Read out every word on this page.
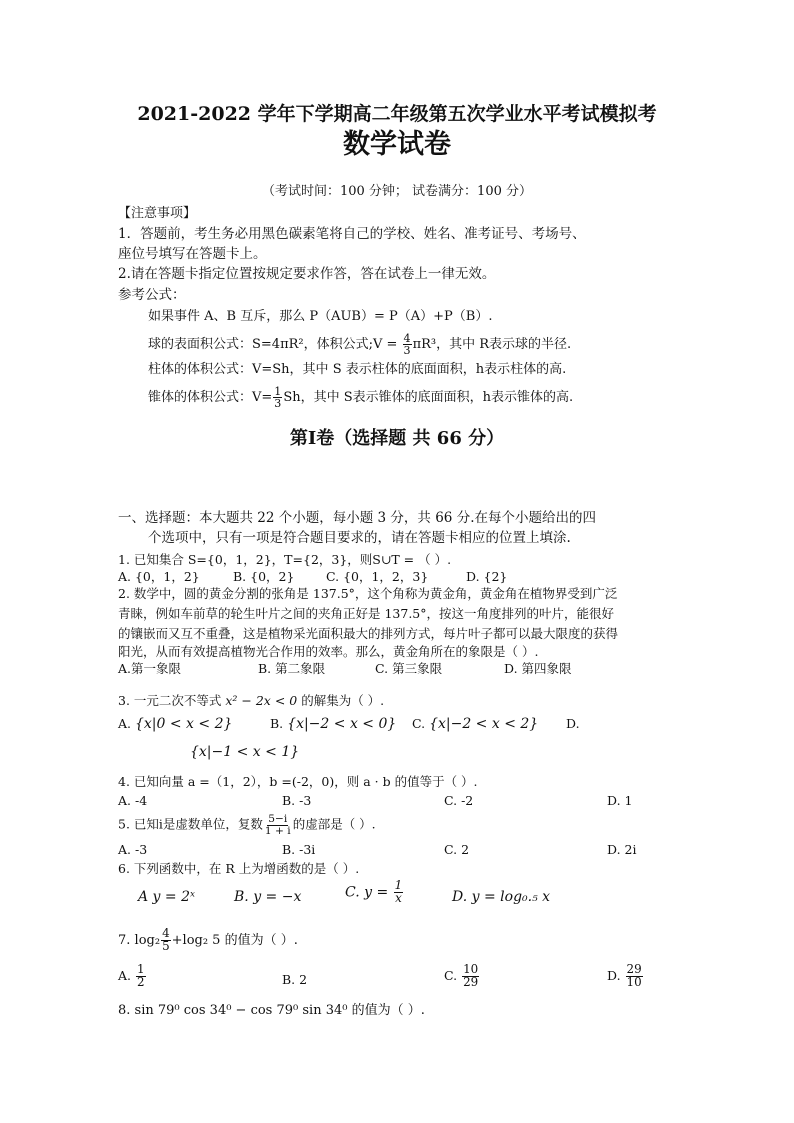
2021-2022 学年下学期高二年级第五次学业水平考试模拟考
数学试卷
（考试时间：100 分钟； 试卷满分：100 分）
【注意事项】
1．答题前，考生务必用黑色碳素笔将自己的学校、姓名、准考证号、考场号、
座位号填写在答题卡上。
2.请在答题卡指定位置按规定要求作答，答在试卷上一律无效。
参考公式：
如果事件 A、B 互斥，那么 P（AUB）= P（A）+P（B）.
球的表面积公式：S=4πR²，体积公式;V = $\frac{4}{3} \pi R^3$，其中 R表示球的半径.
柱体的体积公式：V=Sh，其中 S 表示柱体的底面面积，h表示柱体的高.
锥体的体积公式：$V= \frac{1}{3}$ Sh，其中 S表示锥体的底面面积，h表示锥体的高.
第Ⅰ卷（选择题 共 66 分）
一、选择题：本大题共 22 个小题，每小题 3 分，共 66 分.在每个小题给出的四
个选项中，只有一项是符合题目要求的，请在答题卡相应的位置上填涂.
1. 已知集合 S={0，1，2}，T={2，3}，则S∪T = （ ）.
A. {0，1，2}	B. {0，2}	C. {0，1，2，3}	D. {2}
2. 数学中，圆的黄金分割的张角是 137.5°，这个角称为黄金角，黄金角在植物界受到广泛
青睐，例如车前草的轮生叶片之间的夹角正好是 137.5°，按这一角度排列的叶片，能很好
的镶嵌而又互不重叠，这是植物采光面积最大的排列方式，每片叶子都可以最大限度的获得
阳光，从而有效提高植物光合作用的效率。那么，黄金角所在的象限是（ ）.
A.第一象限	B. 第二象限	C. 第三象限	D. 第四象限
3. 一元二次不等式 x² − 2x < 0 的解集为（ ）.
A. {x|0 < x < 2}	B. {x|−2 < x < 0} C. {x|−2 < x < 2} D.
{x|−1 < x < 1}
4. 已知向量 a =（1，2），b =(-2，0)，则 a · b 的值等于（ ）.
A. -4	B. -3	C. -2	D. 1
5. 已知i是虚数单位，复数 $\frac{5-i}{1 + i}$ 的虚部是（ ）.
A. -3	B. -3i	C. 2	D. 2i
6. 下列函数中，在 R 上为增函数的是（ ）.
A y = 2ˣ	B. y = −x	C. $y = \frac{1}{x}$	D. y = log₀.₅ x
7. $\log_2 \frac{4}{5} +\log_2$ 5 的值为（ ）.
A. $\frac{1}{2}$	B. 2	C. $\frac{10}{29}$	D. $\frac{29}{10}$
8. sin 79⁰ cos 34⁰ − cos 79⁰ sin 34⁰ 的值为（ ）.
